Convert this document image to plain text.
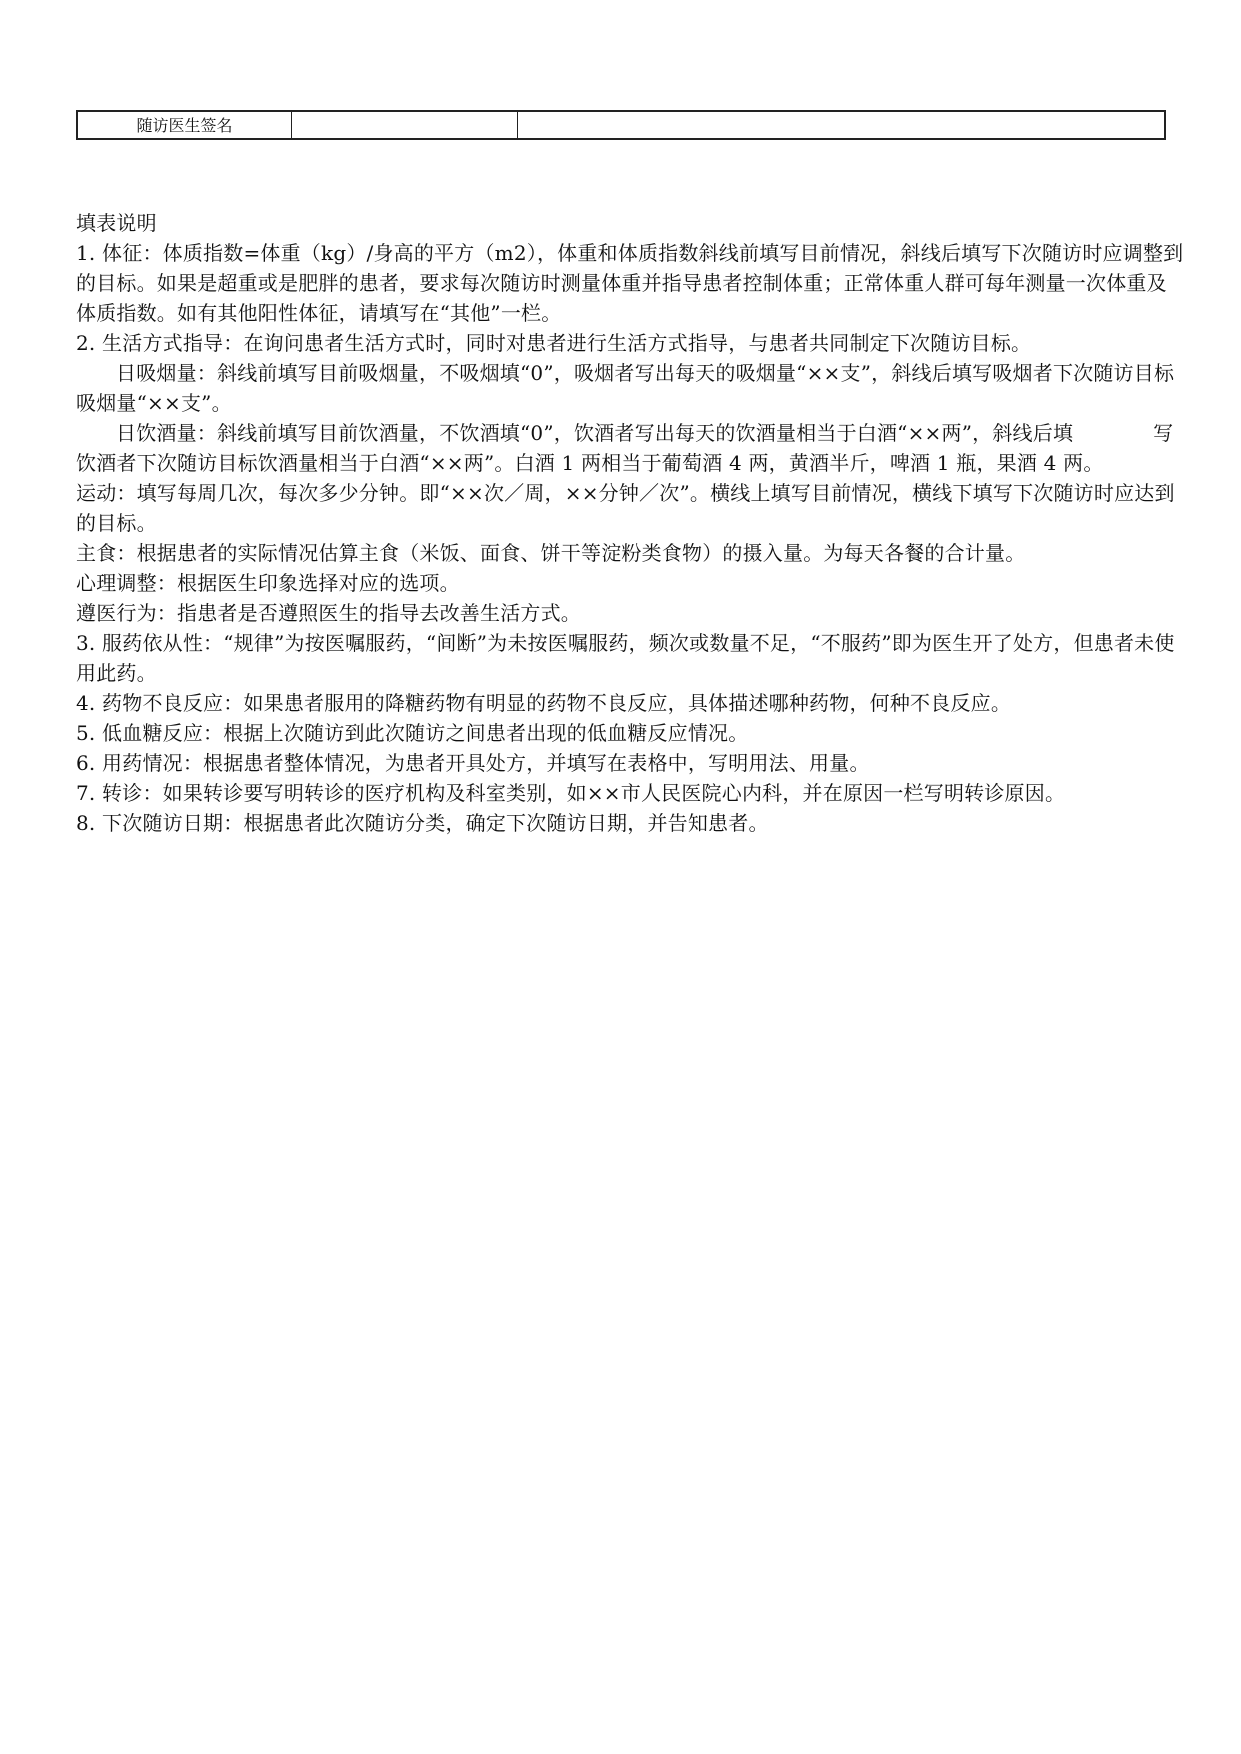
随访医生签名

填表说明

1. 体征：体质指数=体重（kg）/身高的平方（m2），体重和体质指数斜线前填写目前情况，斜线后填写下次随访时应调整到的目标。如果是超重或是肥胖的患者，要求每次随访时测量体重并指导患者控制体重；正常体重人群可每年测量一次体重及体质指数。如有其他阳性体征，请填写在“其他”一栏。

2. 生活方式指导：在询问患者生活方式时，同时对患者进行生活方式指导，与患者共同制定下次随访目标。

日吸烟量：斜线前填写目前吸烟量，不吸烟填“0”，吸烟者写出每天的吸烟量“××支”，斜线后填写吸烟者下次随访目标吸烟量“××支”。

日饮酒量：斜线前填写目前饮酒量，不饮酒填“0”，饮酒者写出每天的饮酒量相当于白酒“××两”，斜线后填	写饮酒者下次随访目标饮酒量相当于白酒“××两”。白酒 1 两相当于葡萄酒 4 两，黄酒半斤，啤酒 1 瓶，果酒 4 两。

运动：填写每周几次，每次多少分钟。即“××次／周，××分钟／次”。横线上填写目前情况，横线下填写下次随访时应达到的目标。

主食：根据患者的实际情况估算主食（米饭、面食、饼干等淀粉类食物）的摄入量。为每天各餐的合计量。

心理调整：根据医生印象选择对应的选项。

遵医行为：指患者是否遵照医生的指导去改善生活方式。

3. 服药依从性：“规律”为按医嘱服药，“间断”为未按医嘱服药，频次或数量不足，“不服药”即为医生开了处方，但患者未使用此药。

4. 药物不良反应：如果患者服用的降糖药物有明显的药物不良反应，具体描述哪种药物，何种不良反应。

5. 低血糖反应：根据上次随访到此次随访之间患者出现的低血糖反应情况。

6. 用药情况：根据患者整体情况，为患者开具处方，并填写在表格中，写明用法、用量。

7. 转诊：如果转诊要写明转诊的医疗机构及科室类别，如××市人民医院心内科，并在原因一栏写明转诊原因。

8. 下次随访日期：根据患者此次随访分类，确定下次随访日期，并告知患者。
